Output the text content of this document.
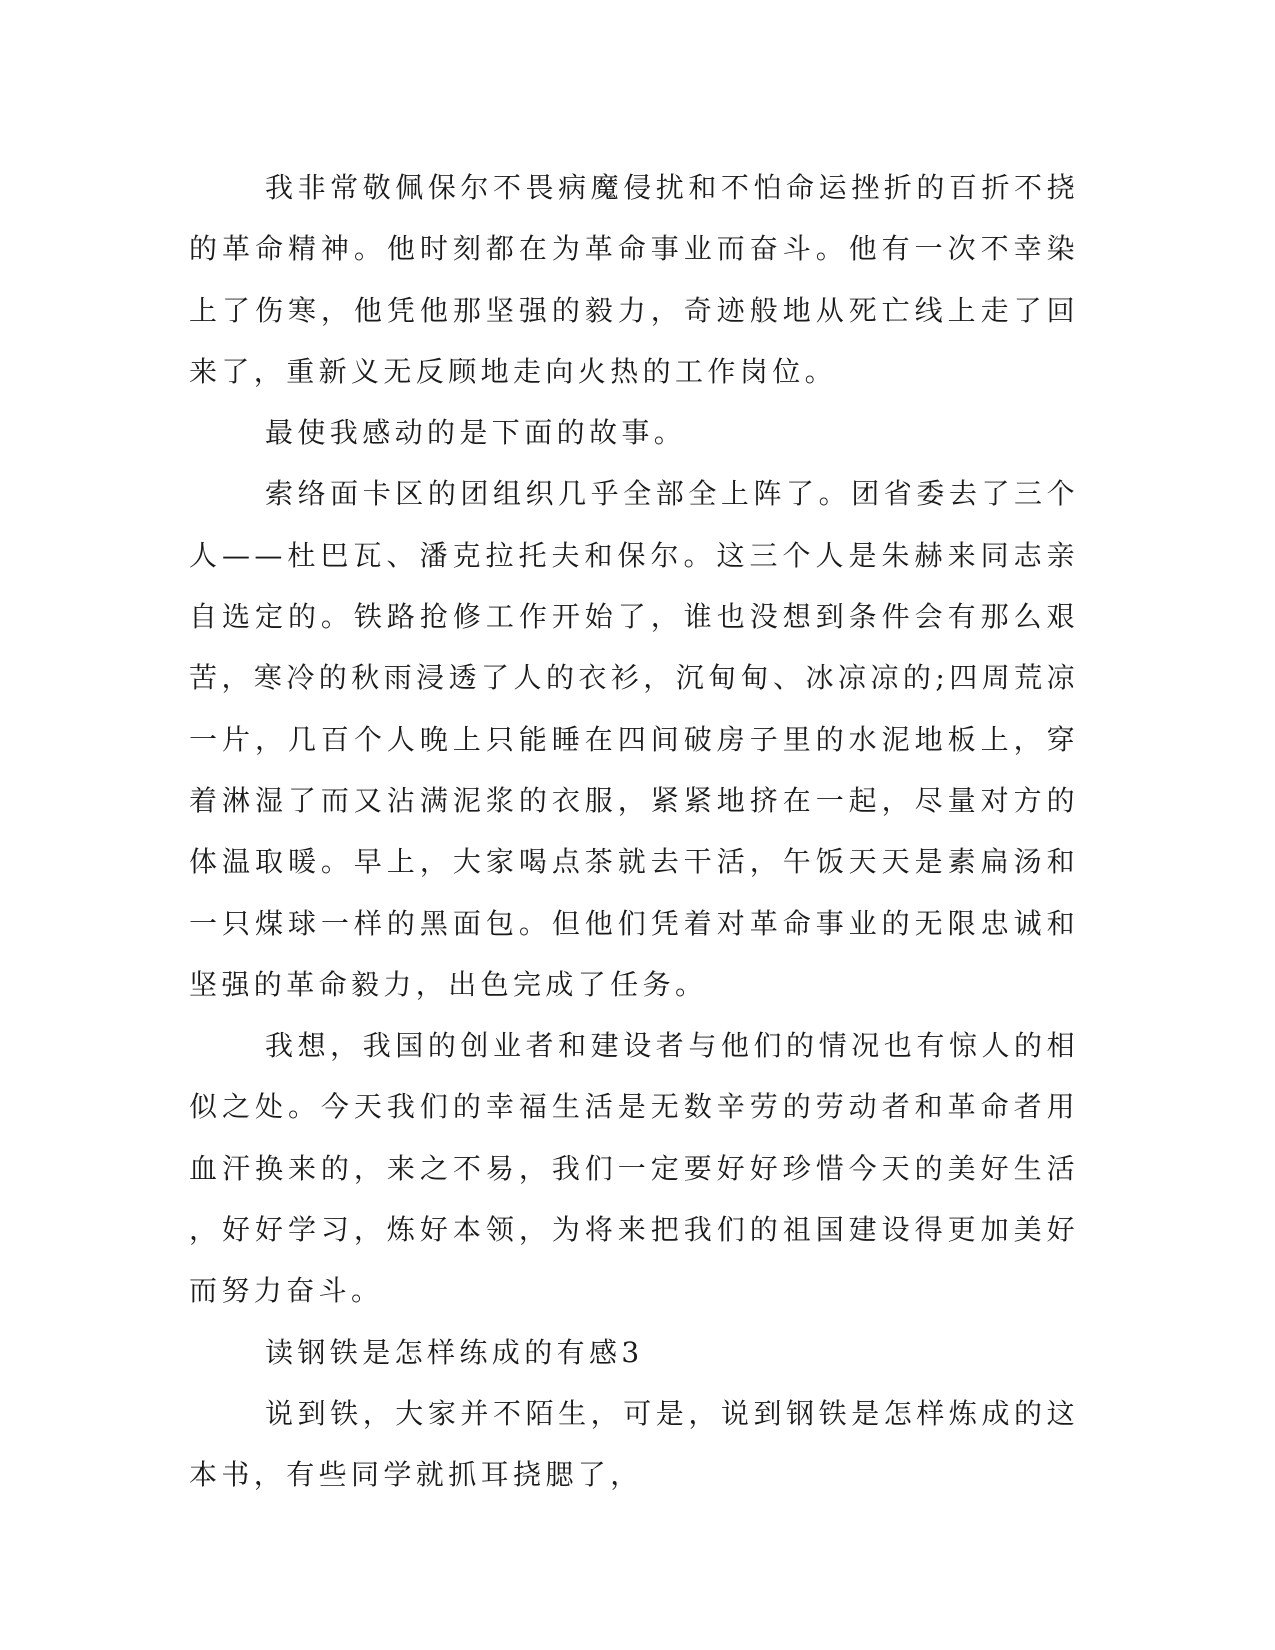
我非常敬佩保尔不畏病魔侵扰和不怕命运挫折的百折不挠的革命精神。他时刻都在为革命事业而奋斗。他有一次不幸染上了伤寒，他凭他那坚强的毅力，奇迹般地从死亡线上走了回来了，重新义无反顾地走向火热的工作岗位。

最使我感动的是下面的故事。

索络面卡区的团组织几乎全部全上阵了。团省委去了三个人——杜巴瓦、潘克拉托夫和保尔。这三个人是朱赫来同志亲自选定的。铁路抢修工作开始了，谁也没想到条件会有那么艰苦，寒冷的秋雨浸透了人的衣衫，沉甸甸、冰凉凉的;四周荒凉一片，几百个人晚上只能睡在四间破房子里的水泥地板上，穿着淋湿了而又沾满泥浆的衣服，紧紧地挤在一起，尽量对方的体温取暖。早上，大家喝点茶就去干活，午饭天天是素扁汤和一只煤球一样的黑面包。但他们凭着对革命事业的无限忠诚和坚强的革命毅力，出色完成了任务。

我想，我国的创业者和建设者与他们的情况也有惊人的相似之处。今天我们的幸福生活是无数辛劳的劳动者和革命者用血汗换来的，来之不易，我们一定要好好珍惜今天的美好生活，好好学习，炼好本领，为将来把我们的祖国建设得更加美好而努力奋斗。

读钢铁是怎样练成的有感3

说到铁，大家并不陌生，可是，说到钢铁是怎样炼成的这本书，有些同学就抓耳挠腮了，
